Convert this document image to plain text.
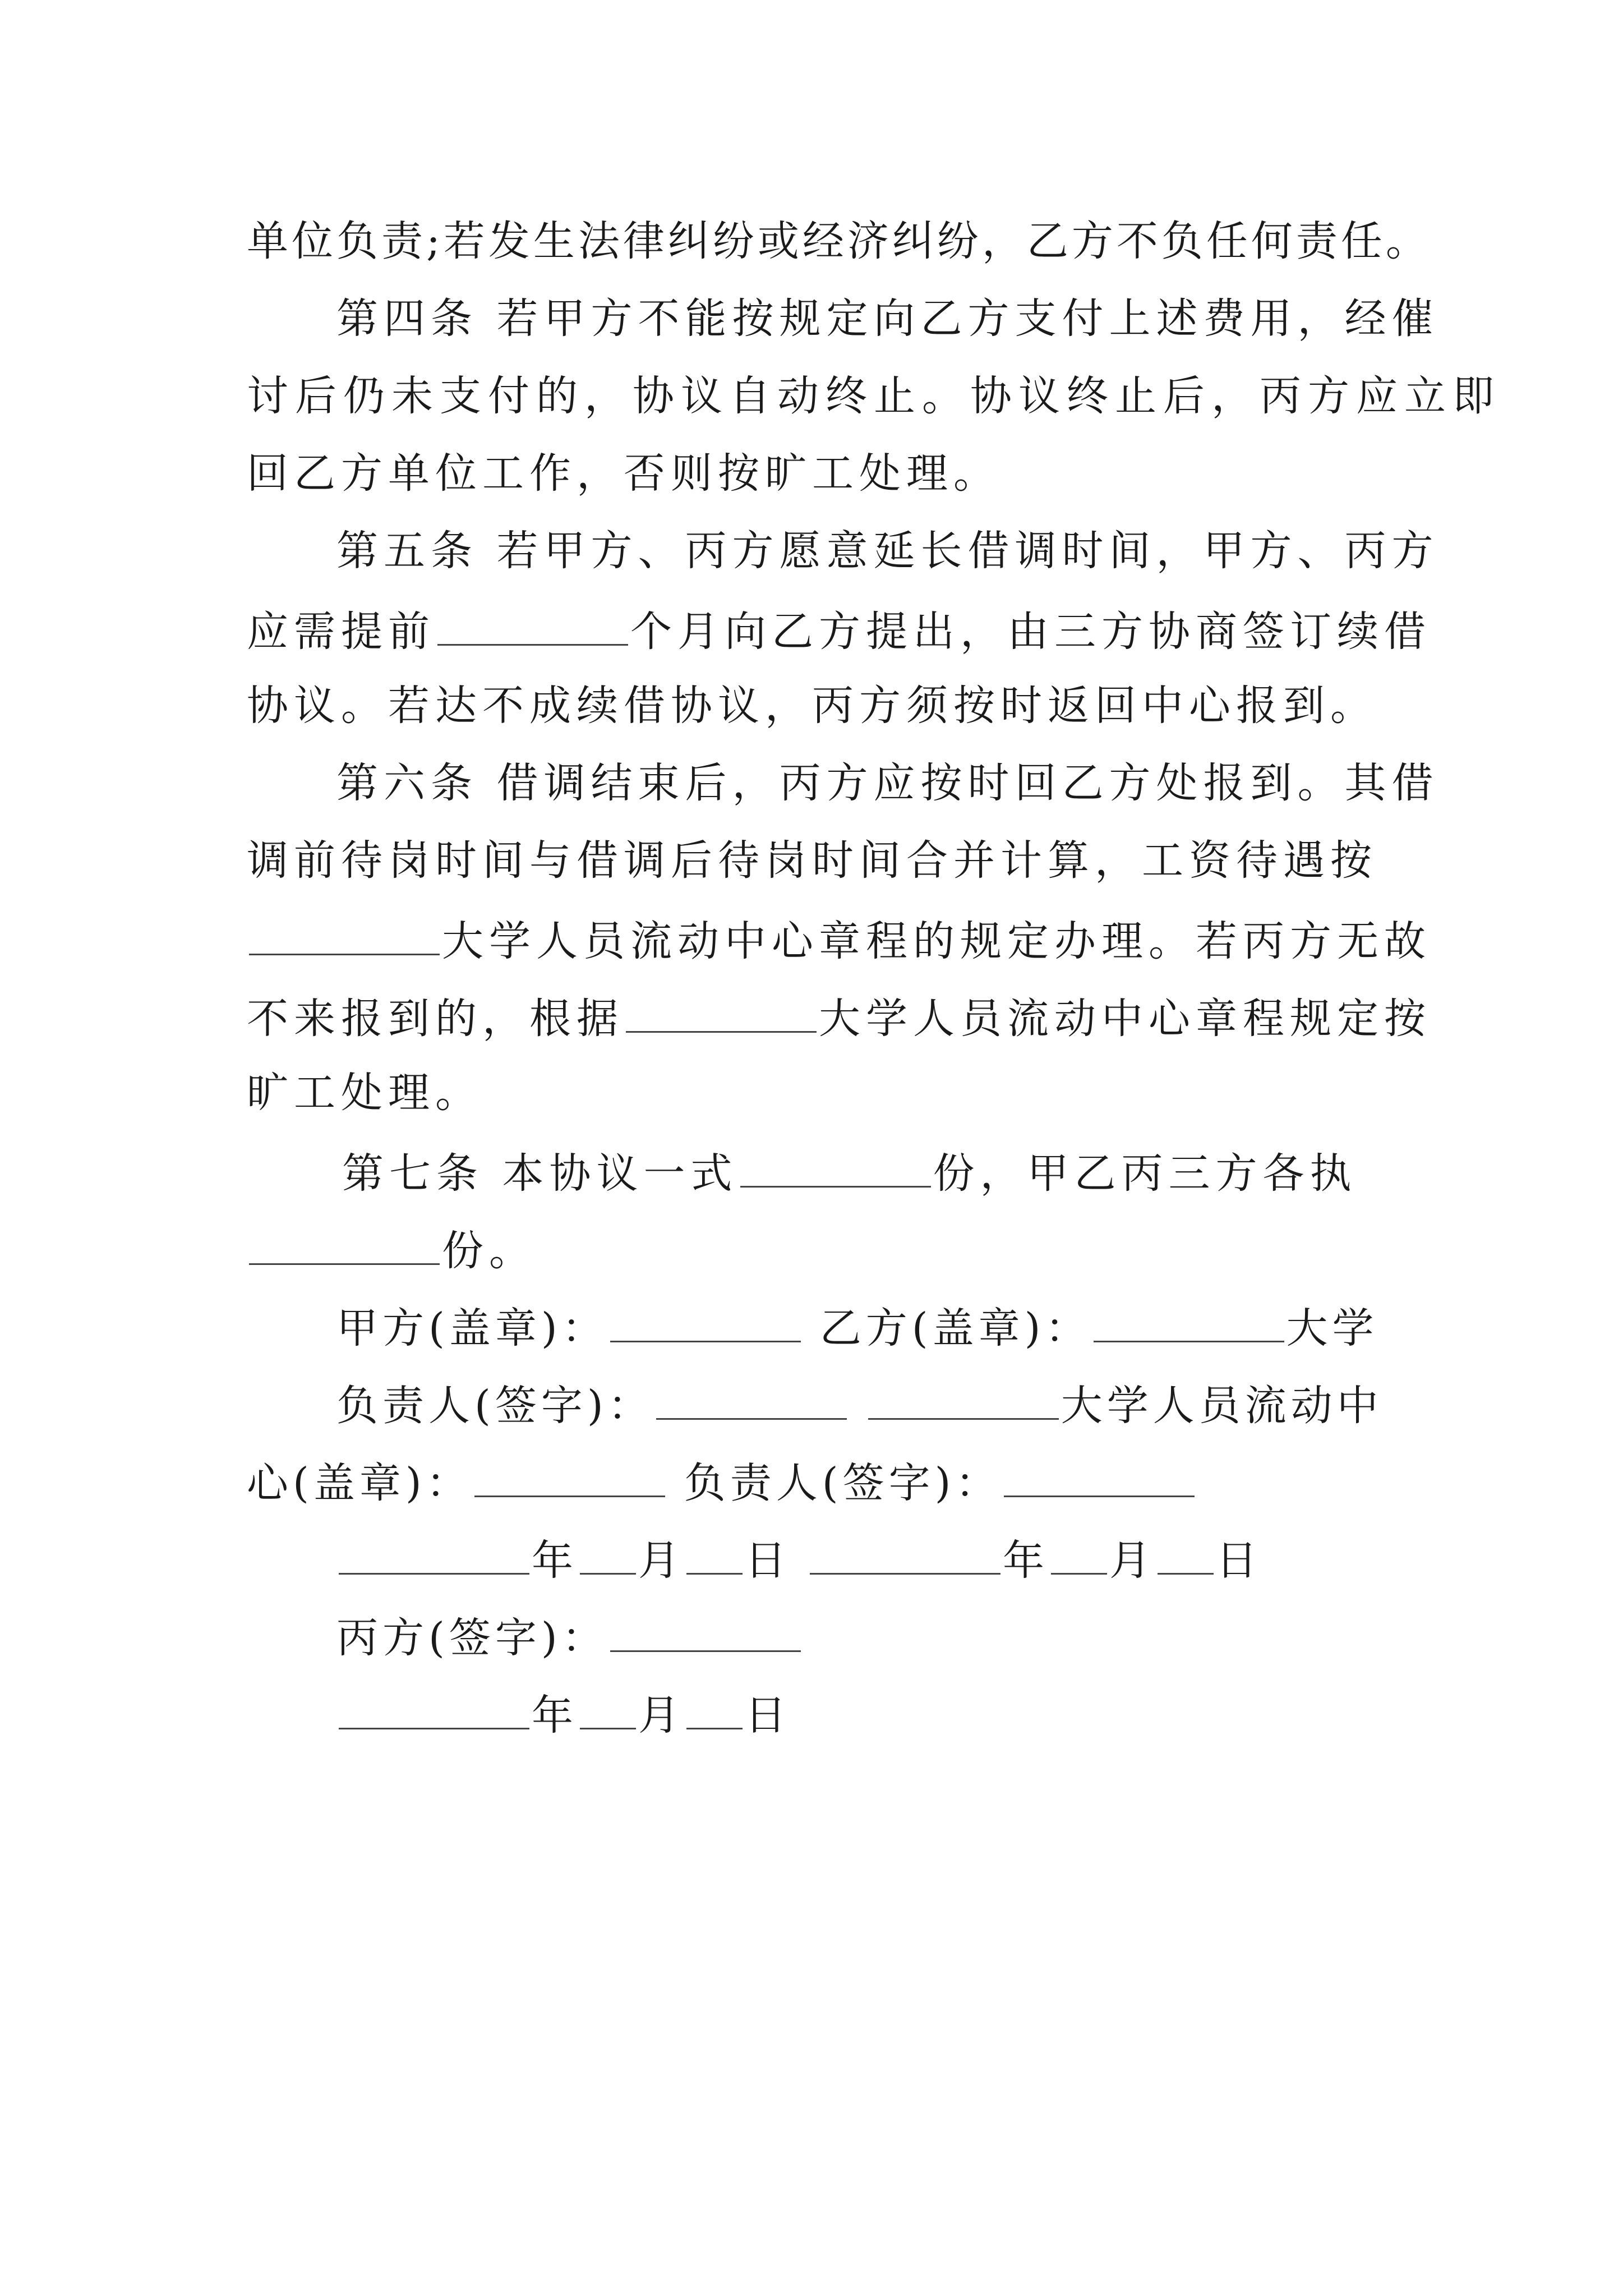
单位负责;若发生法律纠纷或经济纠纷，乙方不负任何责任。
第四条 若甲方不能按规定向乙方支付上述费用，经催
讨后仍未支付的，协议自动终止。协议终止后，丙方应立即
回乙方单位工作，否则按旷工处理。
第五条 若甲方、丙方愿意延长借调时间，甲方、丙方
应需提前	个月向乙方提出，由三方协商签订续借
协议。若达不成续借协议，丙方须按时返回中心报到。
第六条 借调结束后，丙方应按时回乙方处报到。其借
调前待岗时间与借调后待岗时间合并计算，工资待遇按
大学人员流动中心章程的规定办理。若丙方无故
不来报到的，根据	大学人员流动中心章程规定按
旷工处理。
第七条 本协议一式	份，甲乙丙三方各执
份。
甲方(盖章)：	乙方(盖章)：	大学
负责人(签字)：	大学人员流动中
心(盖章)：	负责人(签字)：
年 月 日	年 月 日
丙方(签字)：
年 月 日
